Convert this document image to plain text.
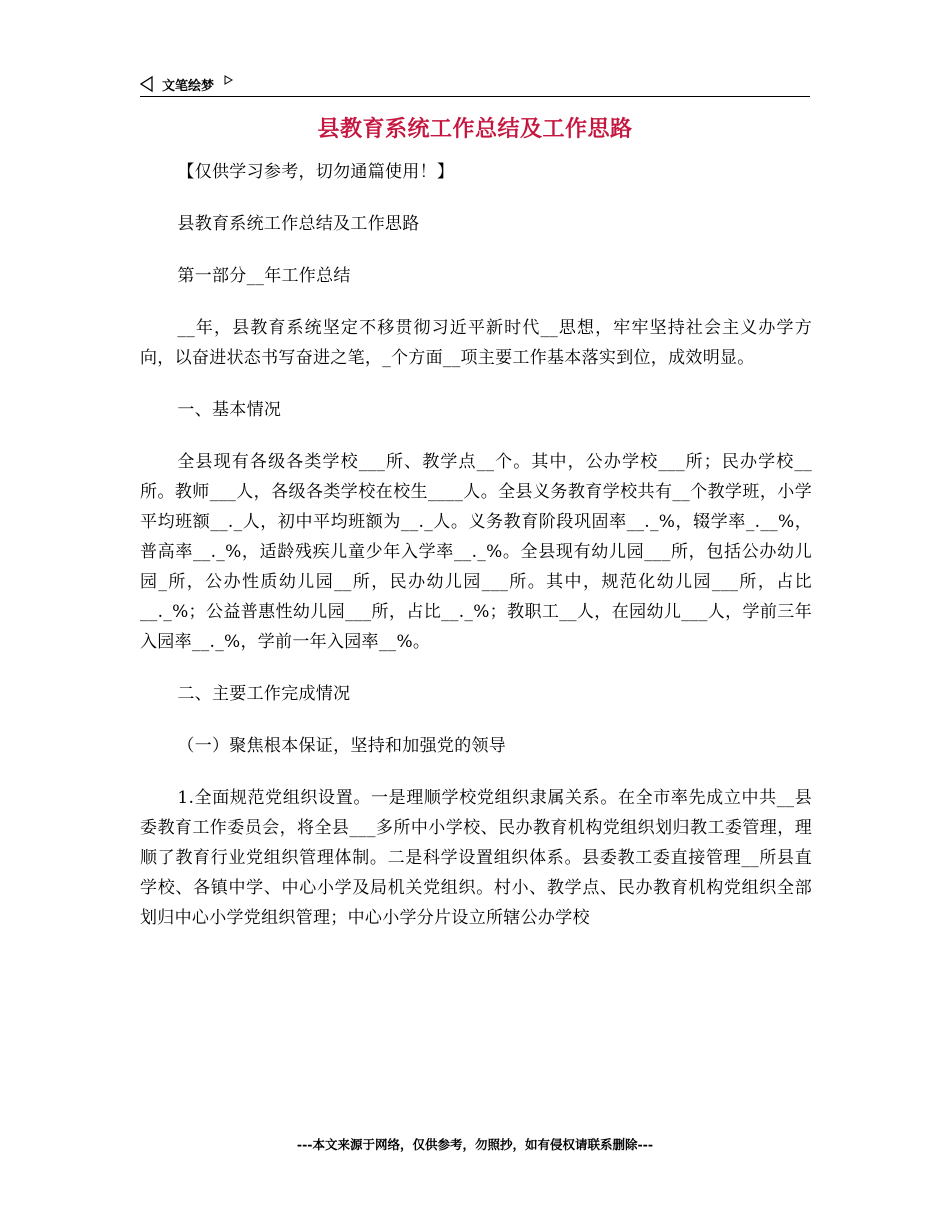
文笔绘梦
县教育系统工作总结及工作思路

【仅供学习参考，切勿通篇使用！】

县教育系统工作总结及工作思路

第一部分__年工作总结

__年，县教育系统坚定不移贯彻习近平新时代__思想，牢牢坚持社会主义办学方向，以奋进状态书写奋进之笔，_个方面__项主要工作基本落实到位，成效明显。

一、基本情况

全县现有各级各类学校___所、教学点__个。其中，公办学校___所；民办学校__所。教师___人，各级各类学校在校生____人。全县义务教育学校共有__个教学班，小学平均班额__._人，初中平均班额为__._人。义务教育阶段巩固率__._%，辍学率_.__%，普高率__._%，适龄残疾儿童少年入学率__._%。全县现有幼儿园___所，包括公办幼儿园_所，公办性质幼儿园__所，民办幼儿园___所。其中，规范化幼儿园___所，占比__._%；公益普惠性幼儿园___所，占比__._%；教职工__人，在园幼儿___人，学前三年入园率__._%，学前一年入园率__%。

二、主要工作完成情况

（一）聚焦根本保证，坚持和加强党的领导

1.全面规范党组织设置。一是理顺学校党组织隶属关系。在全市率先成立中共__县委教育工作委员会，将全县___多所中小学校、民办教育机构党组织划归教工委管理，理顺了教育行业党组织管理体制。二是科学设置组织体系。县委教工委直接管理__所县直学校、各镇中学、中心小学及局机关党组织。村小、教学点、民办教育机构党组织全部划归中心小学党组织管理；中心小学分片设立所辖公办学校

---本文来源于网络，仅供参考，勿照抄，如有侵权请联系删除---
